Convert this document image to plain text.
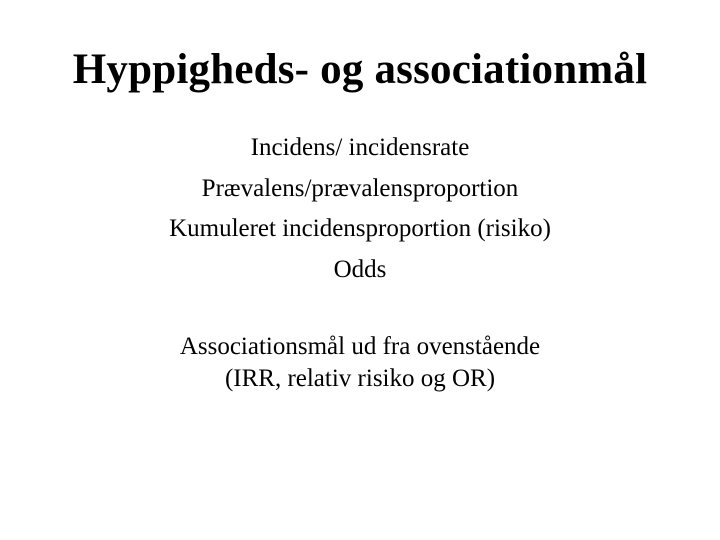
Hyppigheds- og associationmål
Incidens/ incidensrate
Prævalens/prævalensproportion
Kumuleret incidensproportion (risiko)
Odds
Associationsmål ud fra ovenstående
(IRR, relativ risiko og OR)
